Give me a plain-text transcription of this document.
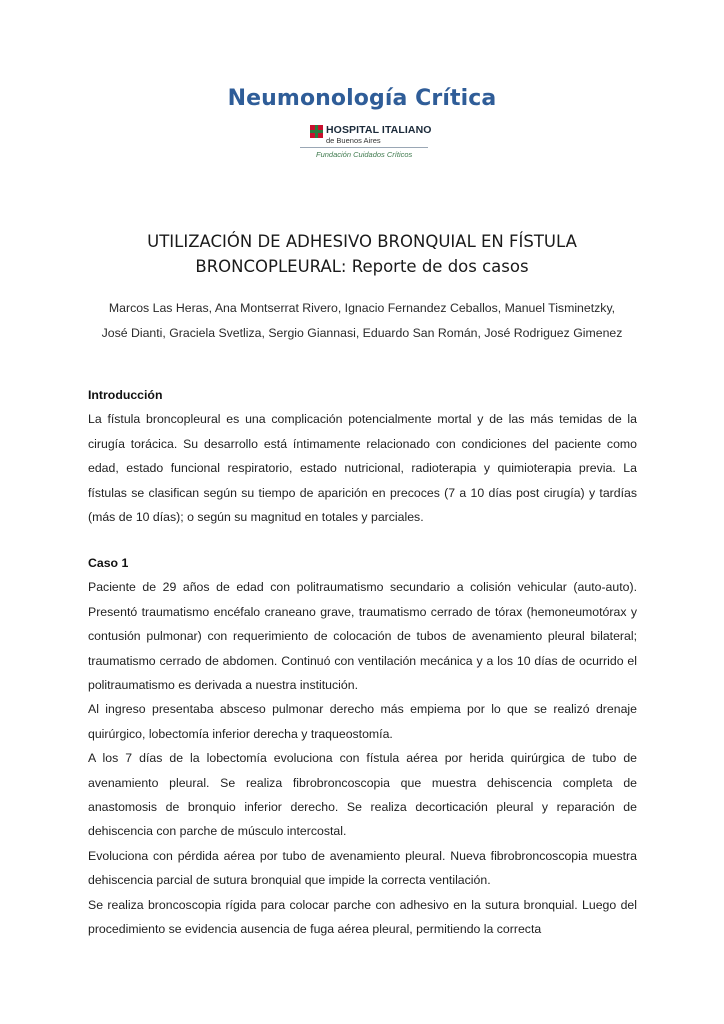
Neumonología Crítica
HOSPITAL ITALIANO
de Buenos Aires
Fundación Cuidados Críticos
UTILIZACIÓN DE ADHESIVO BRONQUIAL EN FÍSTULA
BRONCOPLEURAL: Reporte de dos casos
Marcos Las Heras, Ana Montserrat Rivero, Ignacio Fernandez Ceballos, Manuel Tisminetzky,
José Dianti, Graciela Svetliza, Sergio Giannasi, Eduardo San Román, José Rodriguez Gimenez
Introducción

La fístula broncopleural es una complicación potencialmente mortal y de las más temidas de la cirugía torácica. Su desarrollo está íntimamente relacionado con condiciones del paciente como edad, estado funcional respiratorio, estado nutricional, radioterapia y quimioterapia previa. La fístulas se clasifican según su tiempo de aparición en precoces (7 a 10 días post cirugía) y tardías (más de 10 días); o según su magnitud en totales y parciales.

Caso 1

Paciente de 29 años de edad con politraumatismo secundario a colisión vehicular (auto-auto). Presentó traumatismo encéfalo craneano grave, traumatismo cerrado de tórax (hemoneumotórax y contusión pulmonar) con requerimiento de colocación de tubos de avenamiento pleural bilateral; traumatismo cerrado de abdomen. Continuó con ventilación mecánica y a los 10 días de ocurrido el politraumatismo es derivada a nuestra institución.

Al ingreso presentaba absceso pulmonar derecho más empiema por lo que se realizó drenaje quirúrgico, lobectomía inferior derecha y traqueostomía.

A los 7 días de la lobectomía evoluciona con fístula aérea por herida quirúrgica de tubo de avenamiento pleural. Se realiza fibrobroncoscopia que muestra dehiscencia completa de anastomosis de bronquio inferior derecho. Se realiza decorticación pleural y reparación de dehiscencia con parche de músculo intercostal.

Evoluciona con pérdida aérea por tubo de avenamiento pleural. Nueva fibrobroncoscopia muestra dehiscencia parcial de sutura bronquial que impide la correcta ventilación.

Se realiza broncoscopia rígida para colocar parche con adhesivo en la sutura bronquial. Luego del procedimiento se evidencia ausencia de fuga aérea pleural, permitiendo la correcta
